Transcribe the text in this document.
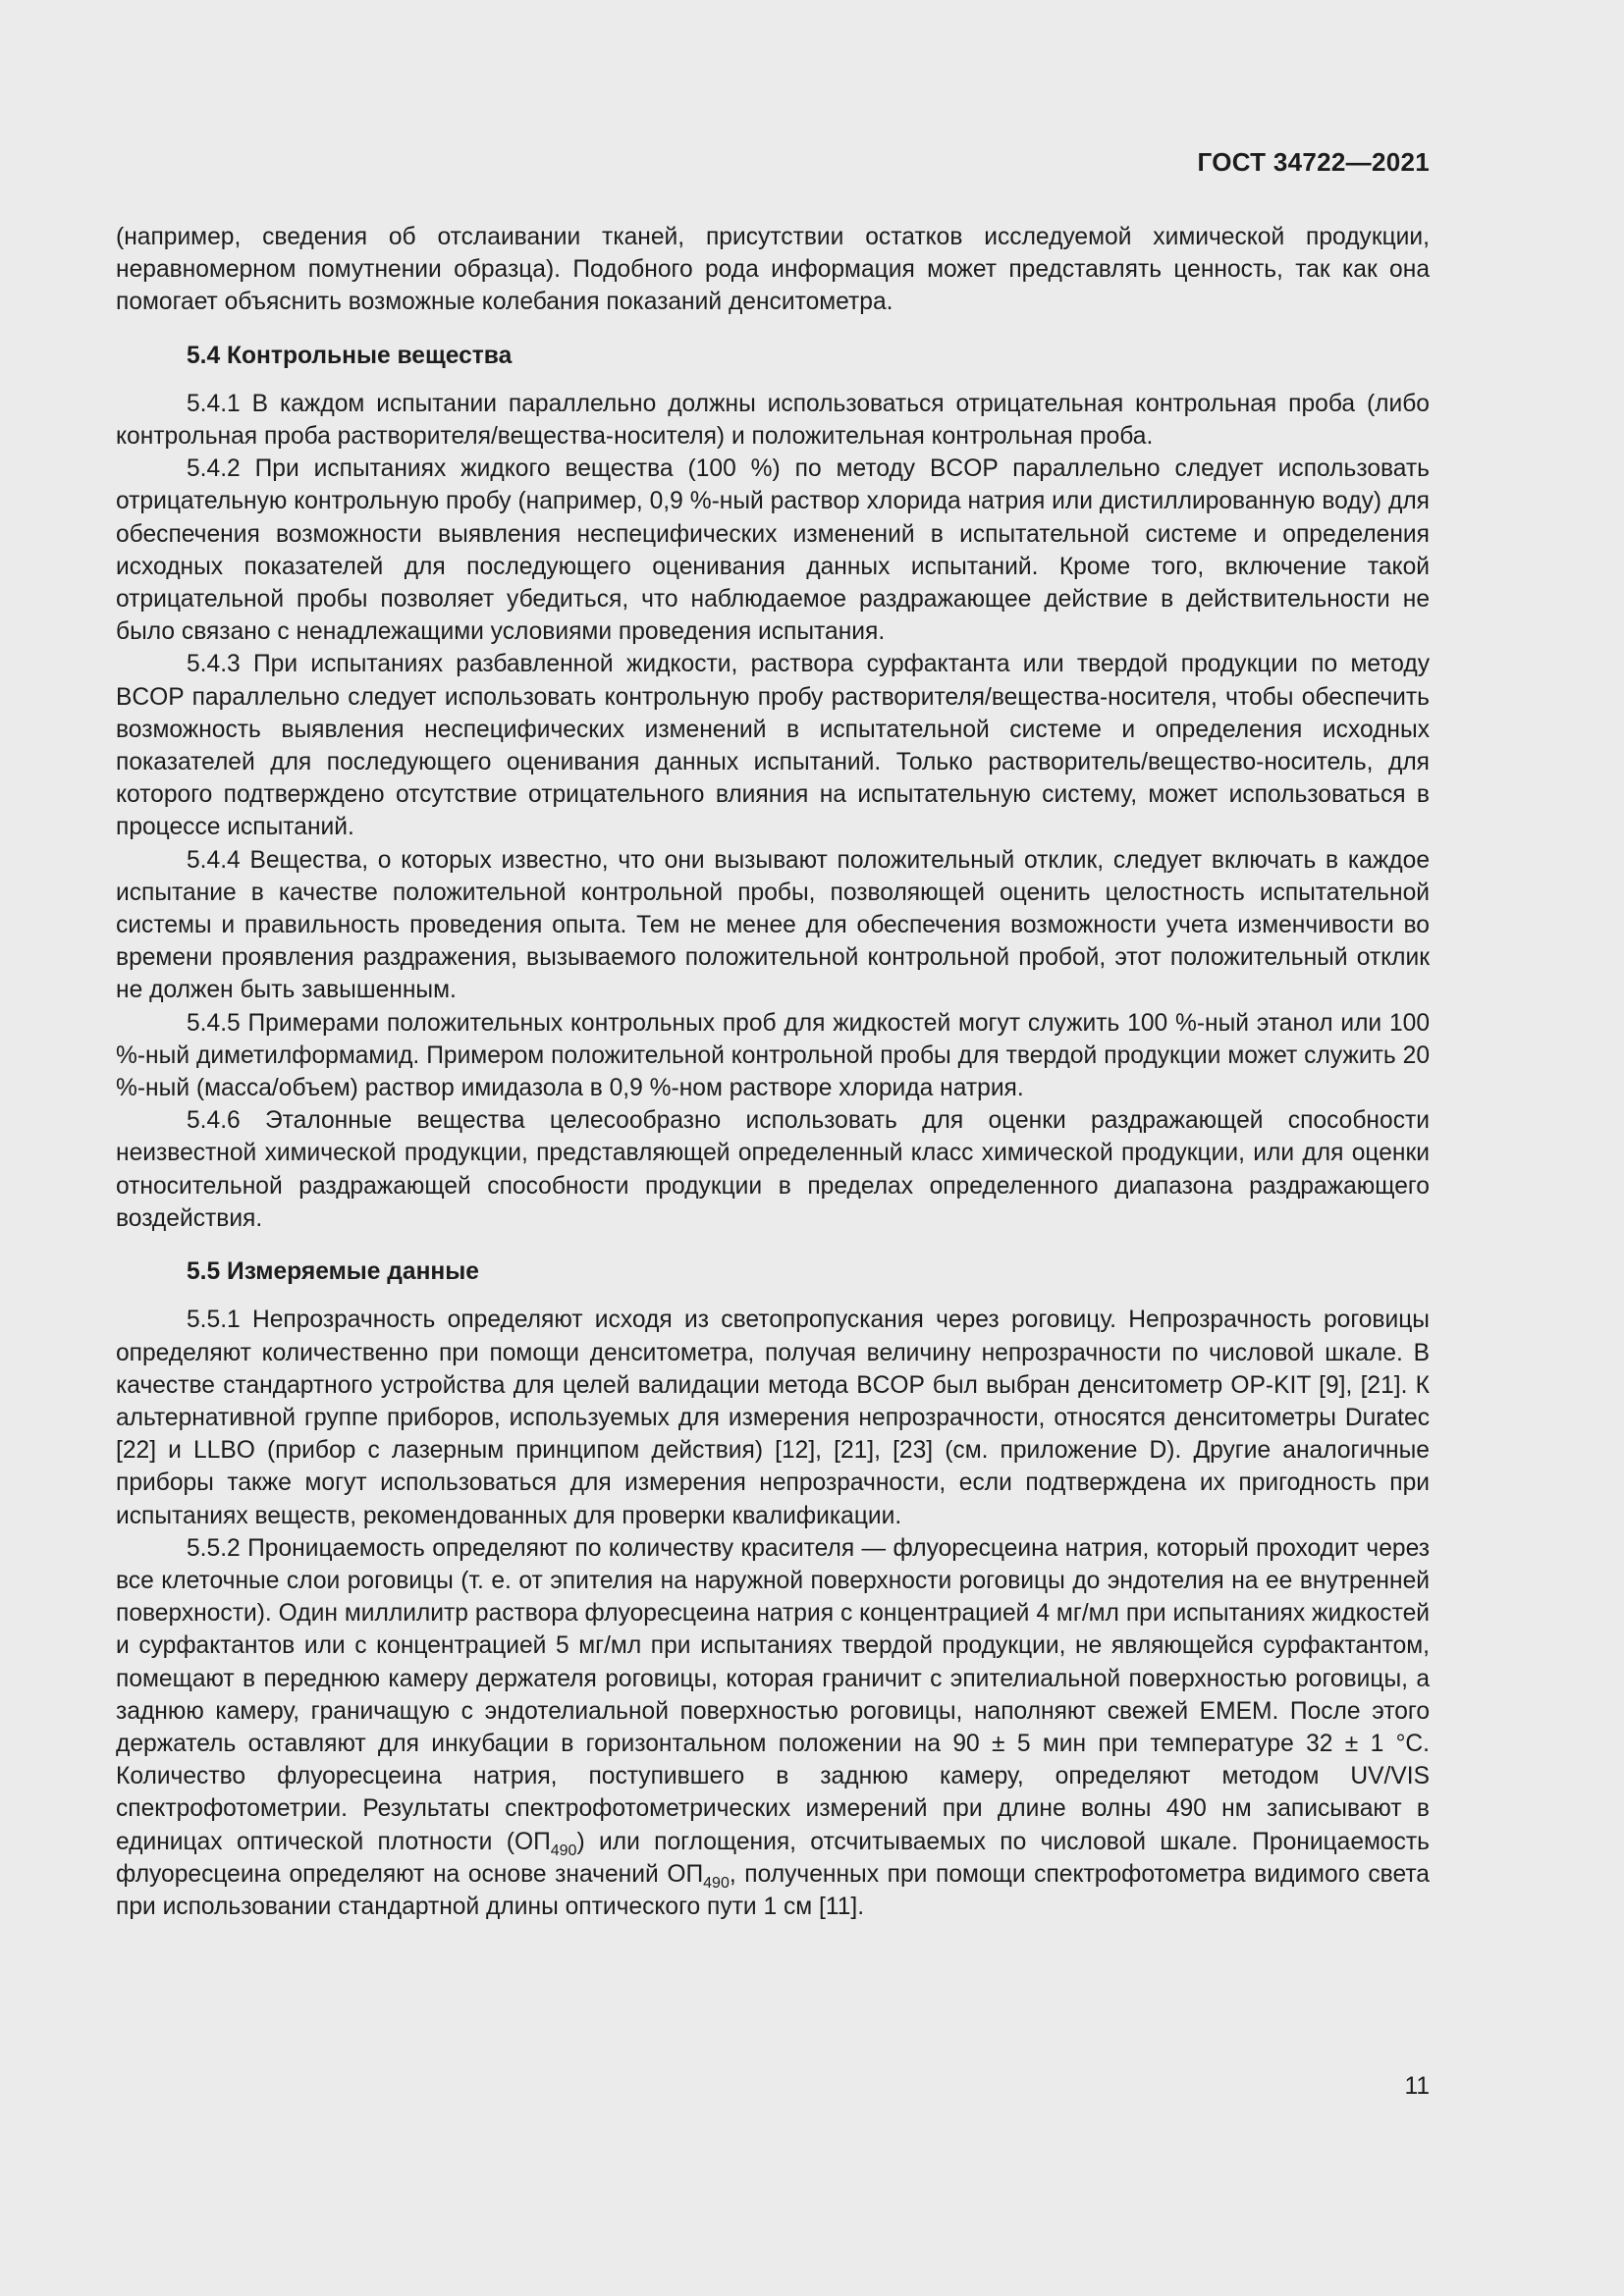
ГОСТ 34722—2021

(например, сведения об отслаивании тканей, присутствии остатков исследуемой химической продукции, неравномерном помутнении образца). Подобного рода информация может представлять ценность, так как она помогает объяснить возможные колебания показаний денситометра.

5.4 Контрольные вещества

5.4.1 В каждом испытании параллельно должны использоваться отрицательная контрольная проба (либо контрольная проба растворителя/вещества-носителя) и положительная контрольная проба.

5.4.2 При испытаниях жидкого вещества (100 %) по методу BCOP параллельно следует использовать отрицательную контрольную пробу (например, 0,9 %-ный раствор хлорида натрия или дистиллированную воду) для обеспечения возможности выявления неспецифических изменений в испытательной системе и определения исходных показателей для последующего оценивания данных испытаний. Кроме того, включение такой отрицательной пробы позволяет убедиться, что наблюдаемое раздражающее действие в действительности не было связано с ненадлежащими условиями проведения испытания.

5.4.3 При испытаниях разбавленной жидкости, раствора сурфактанта или твердой продукции по методу BCOP параллельно следует использовать контрольную пробу растворителя/вещества-носителя, чтобы обеспечить возможность выявления неспецифических изменений в испытательной системе и определения исходных показателей для последующего оценивания данных испытаний. Только растворитель/вещество-носитель, для которого подтверждено отсутствие отрицательного влияния на испытательную систему, может использоваться в процессе испытаний.

5.4.4 Вещества, о которых известно, что они вызывают положительный отклик, следует включать в каждое испытание в качестве положительной контрольной пробы, позволяющей оценить целостность испытательной системы и правильность проведения опыта. Тем не менее для обеспечения возможности учета изменчивости во времени проявления раздражения, вызываемого положительной контрольной пробой, этот положительный отклик не должен быть завышенным.

5.4.5 Примерами положительных контрольных проб для жидкостей могут служить 100 %-ный этанол или 100 %-ный диметилформамид. Примером положительной контрольной пробы для твердой продукции может служить 20 %-ный (масса/объем) раствор имидазола в 0,9 %-ном растворе хлорида натрия.

5.4.6 Эталонные вещества целесообразно использовать для оценки раздражающей способности неизвестной химической продукции, представляющей определенный класс химической продукции, или для оценки относительной раздражающей способности продукции в пределах определенного диапазона раздражающего воздействия.

5.5 Измеряемые данные

5.5.1 Непрозрачность определяют исходя из светопропускания через роговицу. Непрозрачность роговицы определяют количественно при помощи денситометра, получая величину непрозрачности по числовой шкале. В качестве стандартного устройства для целей валидации метода BCOP был выбран денситометр OP-KIT [9], [21]. К альтернативной группе приборов, используемых для измерения непрозрачности, относятся денситометры Duratec [22] и LLBO (прибор с лазерным принципом действия) [12], [21], [23] (см. приложение D). Другие аналогичные приборы также могут использоваться для измерения непрозрачности, если подтверждена их пригодность при испытаниях веществ, рекомендованных для проверки квалификации.

5.5.2 Проницаемость определяют по количеству красителя — флуоресцеина натрия, который проходит через все клеточные слои роговицы (т. е. от эпителия на наружной поверхности роговицы до эндотелия на ее внутренней поверхности). Один миллилитр раствора флуоресцеина натрия с концентрацией 4 мг/мл при испытаниях жидкостей и сурфактантов или с концентрацией 5 мг/мл при испытаниях твердой продукции, не являющейся сурфактантом, помещают в переднюю камеру держателя роговицы, которая граничит с эпителиальной поверхностью роговицы, а заднюю камеру, граничащую с эндотелиальной поверхностью роговицы, наполняют свежей EMEM. После этого держатель оставляют для инкубации в горизонтальном положении на 90 ± 5 мин при температуре 32 ± 1 °C. Количество флуоресцеина натрия, поступившего в заднюю камеру, определяют методом UV/VIS спектрофотометрии. Результаты спектрофотометрических измерений при длине волны 490 нм записывают в единицах оптической плотности $(ОП_{490})$ или поглощения, отсчитываемых по числовой шкале. Проницаемость флуоресцеина определяют на основе значений $ОП_{490}$, полученных при помощи спектрофотометра видимого света при использовании стандартной длины оптического пути 1 см [11].

11
